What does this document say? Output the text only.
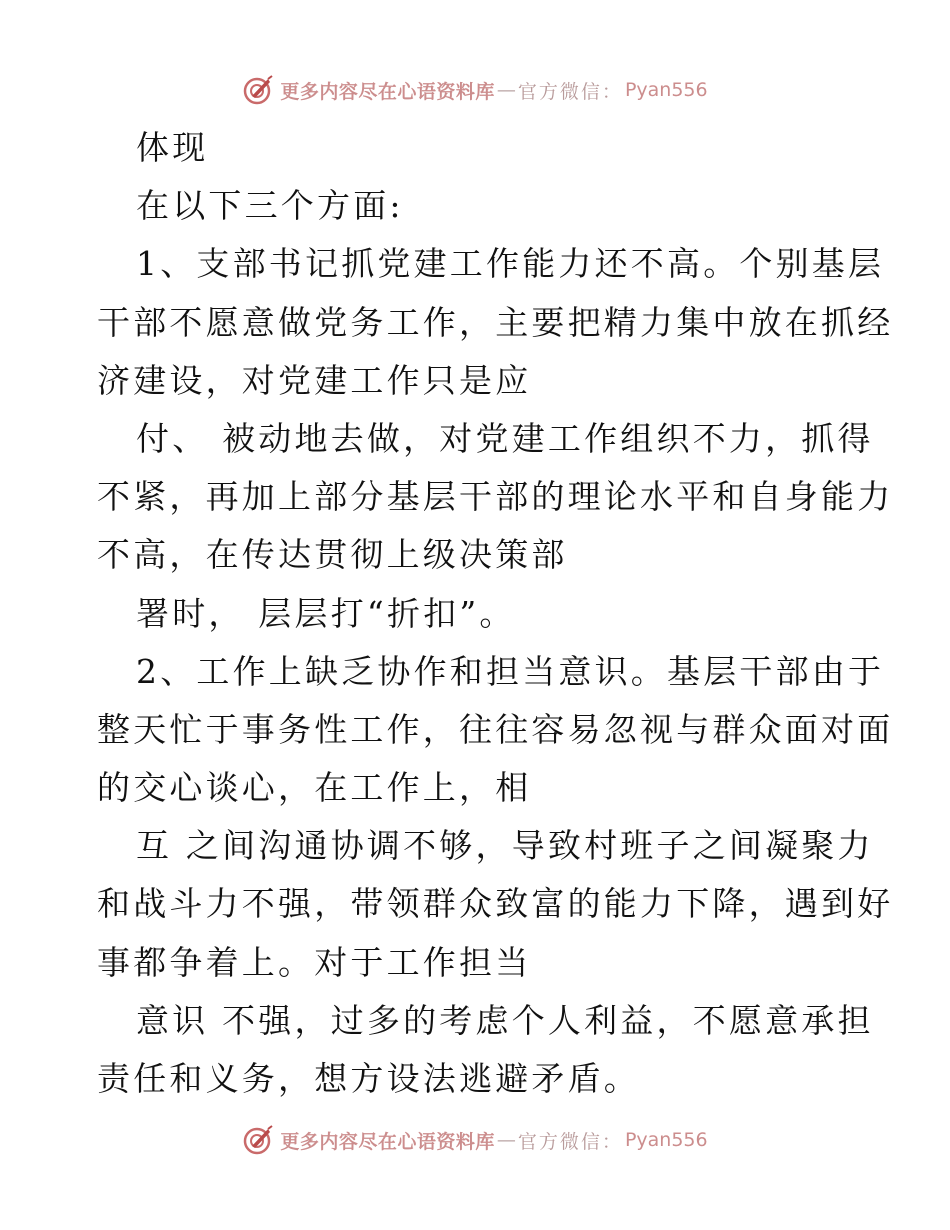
更多内容尽在心语资料库 — 官方微信： Pyan556
体现
在以下三个方面:
1、支部书记抓党建工作能力还不高。个别基层
干部不愿意做党务工作，主要把精力集中放在抓经
济建设，对党建工作只是应
付、 被动地去做，对党建工作组织不力，抓得
不紧，再加上部分基层干部的理论水平和自身能力
不高，在传达贯彻上级决策部
署时， 层层打“折扣”。
2、工作上缺乏协作和担当意识。基层干部由于
整天忙于事务性工作，往往容易忽视与群众面对面
的交心谈心，在工作上，相
互 之间沟通协调不够，导致村班子之间凝聚力
和战斗力不强，带领群众致富的能力下降，遇到好
事都争着上。对于工作担当
意识 不强，过多的考虑个人利益，不愿意承担
责任和义务，想方设法逃避矛盾。
更多内容尽在心语资料库 — 官方微信： Pyan556
